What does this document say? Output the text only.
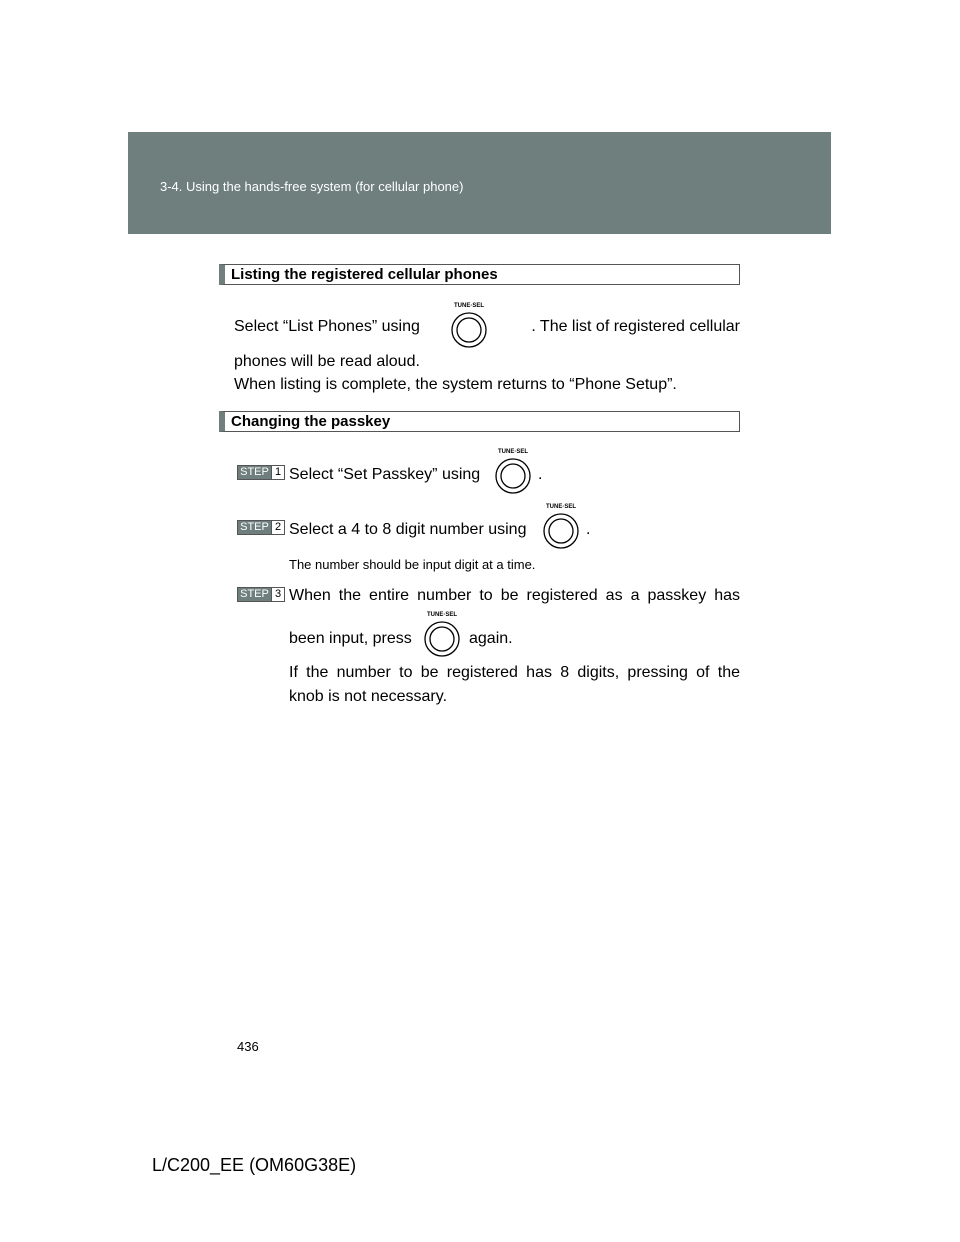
3-4. Using the hands-free system (for cellular phone)
Listing the registered cellular phones
Select “List Phones” using	. The list of registered cellular
TUNE·SEL
phones will be read aloud.
When listing is complete, the system returns to “Phone Setup”.
Changing the passkey
STEP 1 Select “Set Passkey” using
TUNE·SEL
.
STEP 2 Select a 4 to 8 digit number using
TUNE·SEL
.
The number should be input digit at a time.
STEP 3 When the entire number to be registered as a passkey has
been input, press
TUNE·SEL
again.
If the number to be registered has 8 digits, pressing of the
knob is not necessary.
436
L/C200_EE (OM60G38E)
